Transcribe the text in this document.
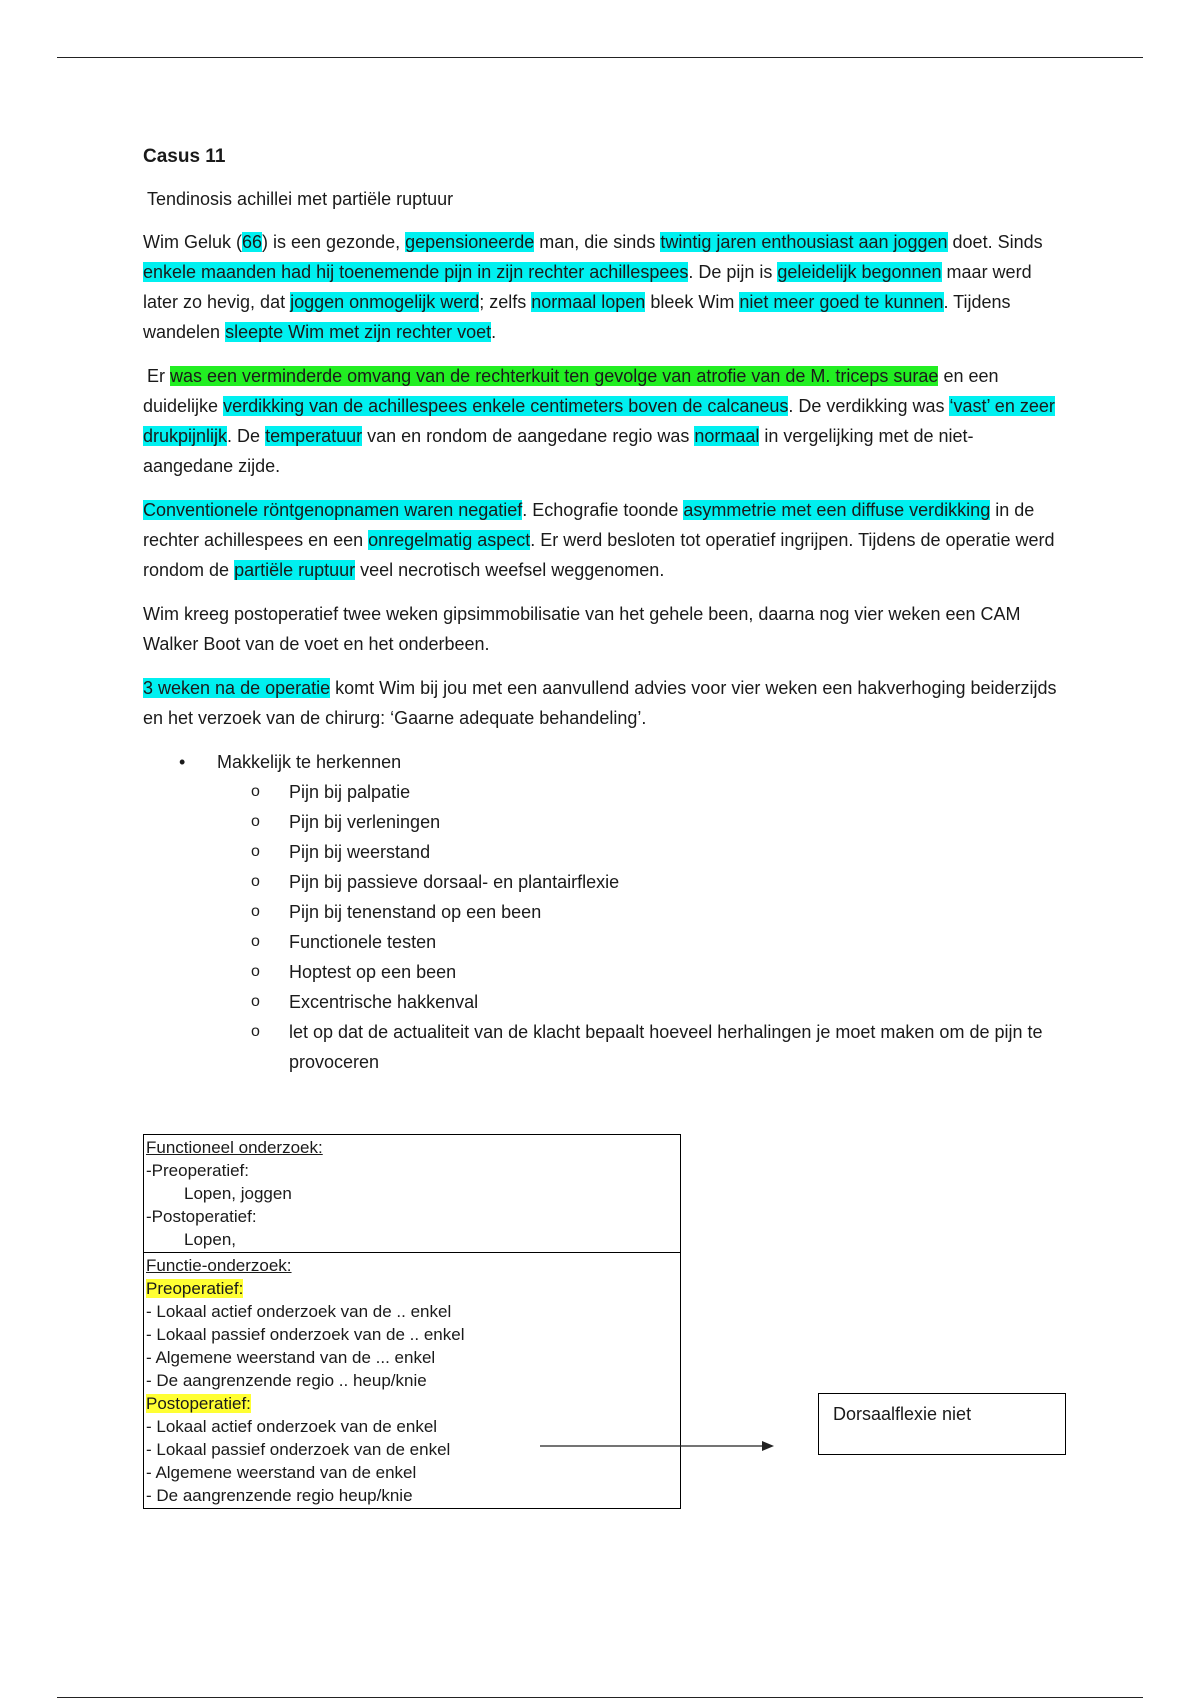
Casus 11
Tendinosis achillei met partiële ruptuur

Wim Geluk (66) is een gezonde, gepensioneerde man, die sinds twintig jaren enthousiast aan joggen doet. Sinds enkele maanden had hij toenemende pijn in zijn rechter achillespees. De pijn is geleidelijk begonnen maar werd later zo hevig, dat joggen onmogelijk werd; zelfs normaal lopen bleek Wim niet meer goed te kunnen. Tijdens wandelen sleepte Wim met zijn rechter voet.

Er was een verminderde omvang van de rechterkuit ten gevolge van atrofie van de M. triceps surae en een duidelijke verdikking van de achillespees enkele centimeters boven de calcaneus. De verdikking was ‘vast’ en zeer drukpijnlijk. De temperatuur van en rondom de aangedane regio was normaal in vergelijking met de niet-aangedane zijde.

Conventionele röntgenopnamen waren negatief. Echografie toonde asymmetrie met een diffuse verdikking in de rechter achillespees en een onregelmatig aspect. Er werd besloten tot operatief ingrijpen. Tijdens de operatie werd rondom de partiële ruptuur veel necrotisch weefsel weggenomen.

Wim kreeg postoperatief twee weken gipsimmobilisatie van het gehele been, daarna nog vier weken een CAM Walker Boot van de voet en het onderbeen.

3 weken na de operatie komt Wim bij jou met een aanvullend advies voor vier weken een hakverhoging beiderzijds en het verzoek van de chirurg: ‘Gaarne adequate behandeling’.

• Makkelijk te herkennen
o Pijn bij palpatie
o Pijn bij verleningen
o Pijn bij weerstand
o Pijn bij passieve dorsaal- en plantairflexie
o Pijn bij tenenstand op een been
o Functionele testen
o Hoptest op een been
o Excentrische hakkenval
o let op dat de actualiteit van de klacht bepaalt hoeveel herhalingen je moet maken om de pijn te provoceren
Functioneel onderzoek:
-Preoperatief:
Lopen, joggen
-Postoperatief:
Lopen,
Functie-onderzoek:
Preoperatief:
- Lokaal actief onderzoek van de .. enkel
- Lokaal passief onderzoek van de .. enkel
- Algemene weerstand van de ... enkel
- De aangrenzende regio .. heup/knie
Postoperatief:
- Lokaal actief onderzoek van de enkel
- Lokaal passief onderzoek van de enkel
- Algemene weerstand van de enkel
- De aangrenzende regio heup/knie
Dorsaalflexie niet
